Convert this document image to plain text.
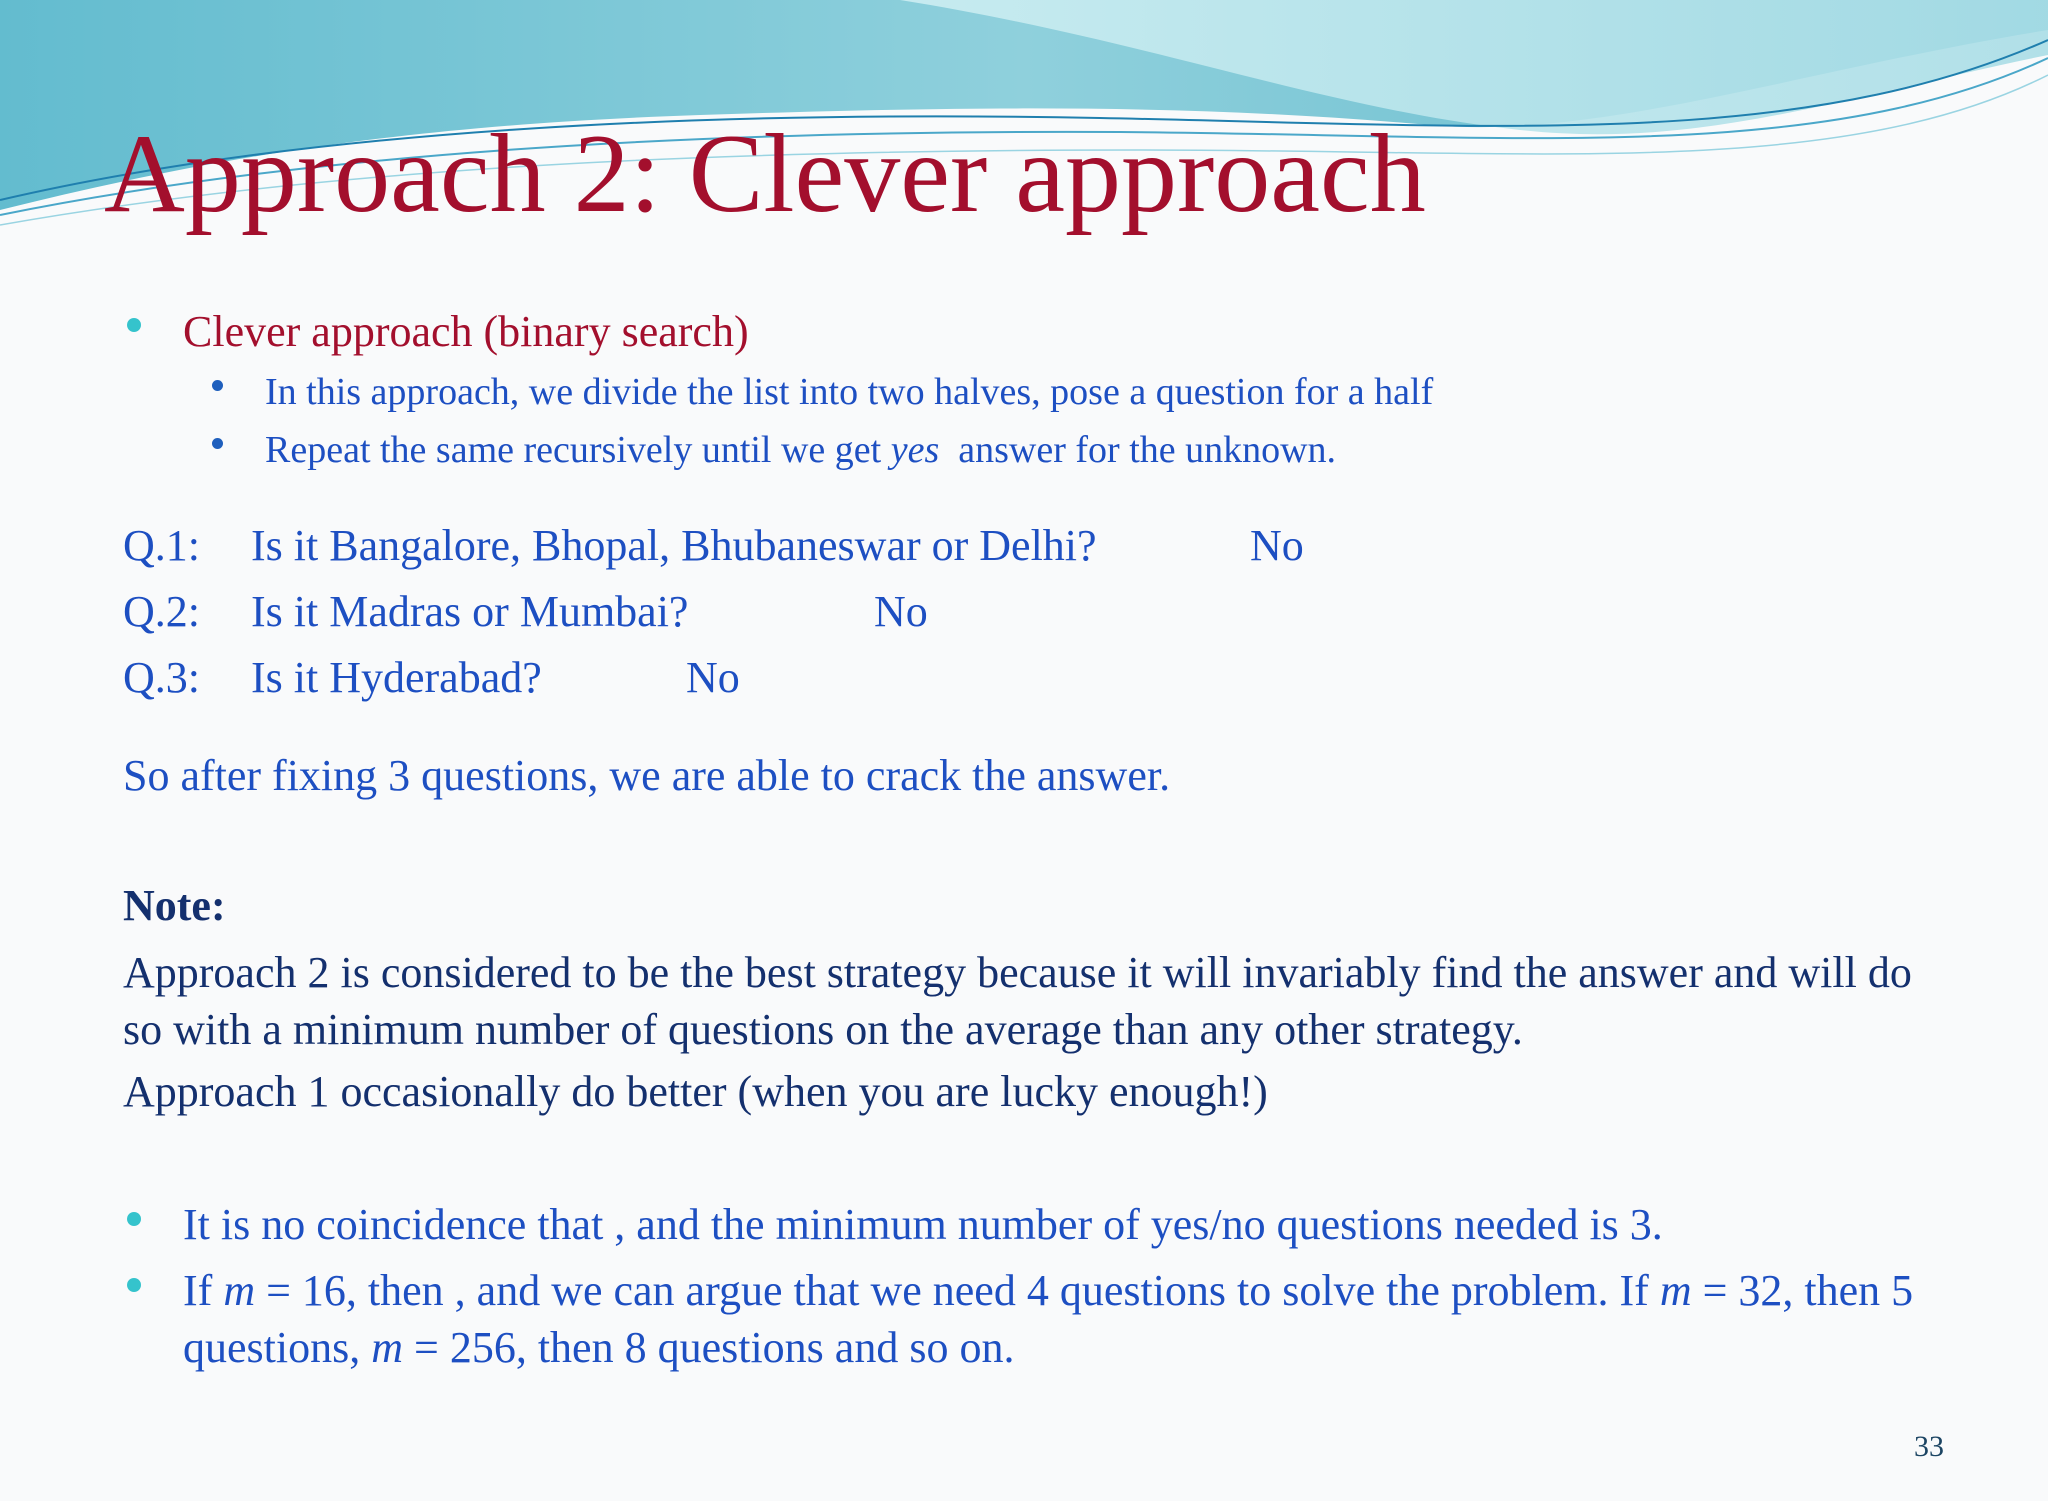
Approach 2: Clever approach
Clever approach (binary search)
In this approach, we divide the list into two halves, pose a question for a half
Repeat the same recursively until we get yes  answer for the unknown.
Q.1: Is it Bangalore, Bhopal, Bhubaneswar or Delhi?	No
Q.2: Is it Madras or Mumbai?	No
Q.3: Is it Hyderabad?	No
So after fixing 3 questions, we are able to crack the answer.
Note:
Approach 2 is considered to be the best strategy because it will invariably find the answer and will do so with a minimum number of questions on the average than any other strategy.
Approach 1 occasionally do better (when you are lucky enough!)
It is no coincidence that , and the minimum number of yes/no questions needed is 3.
If m = 16, then , and we can argue that we need 4 questions to solve the problem. If m = 32, then 5 questions, m = 256, then 8 questions and so on.
33
